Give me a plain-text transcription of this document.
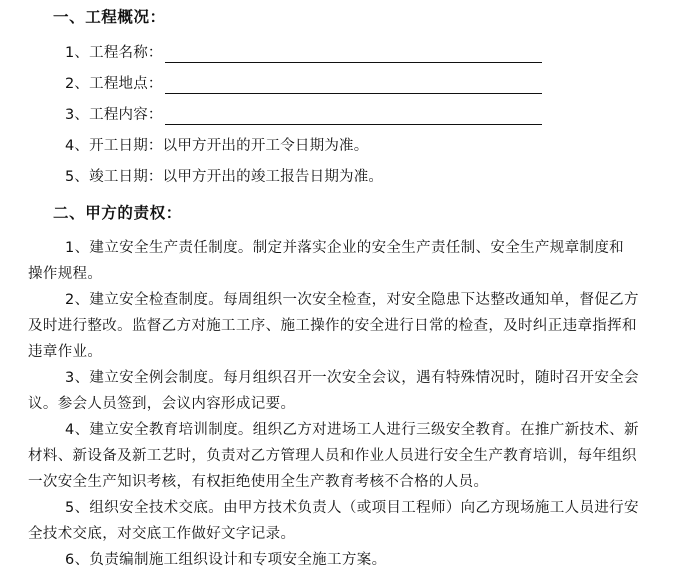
一、工程概况：
1、工程名称：
2、工程地点：
3、工程内容：
4、开工日期：以甲方开出的开工令日期为准。
5、竣工日期：以甲方开出的竣工报告日期为准。
二、甲方的责权：
1、建立安全生产责任制度。制定并落实企业的安全生产责任制、安全生产规章制度和
操作规程。
2、建立安全检查制度。每周组织一次安全检查，对安全隐患下达整改通知单，督促乙方
及时进行整改。监督乙方对施工工序、施工操作的安全进行日常的检查，及时纠正违章指挥和
违章作业。
3、建立安全例会制度。每月组织召开一次安全会议，遇有特殊情况时，随时召开安全会
议。参会人员签到，会议内容形成记要。
4、建立安全教育培训制度。组织乙方对进场工人进行三级安全教育。在推广新技术、新
材料、新设备及新工艺时，负责对乙方管理人员和作业人员进行安全生产教育培训，每年组织
一次安全生产知识考核，有权拒绝使用全生产教育考核不合格的人员。
5、组织安全技术交底。由甲方技术负责人（或项目工程师）向乙方现场施工人员进行安
全技术交底，对交底工作做好文字记录。
6、负责编制施工组织设计和专项安全施工方案。
